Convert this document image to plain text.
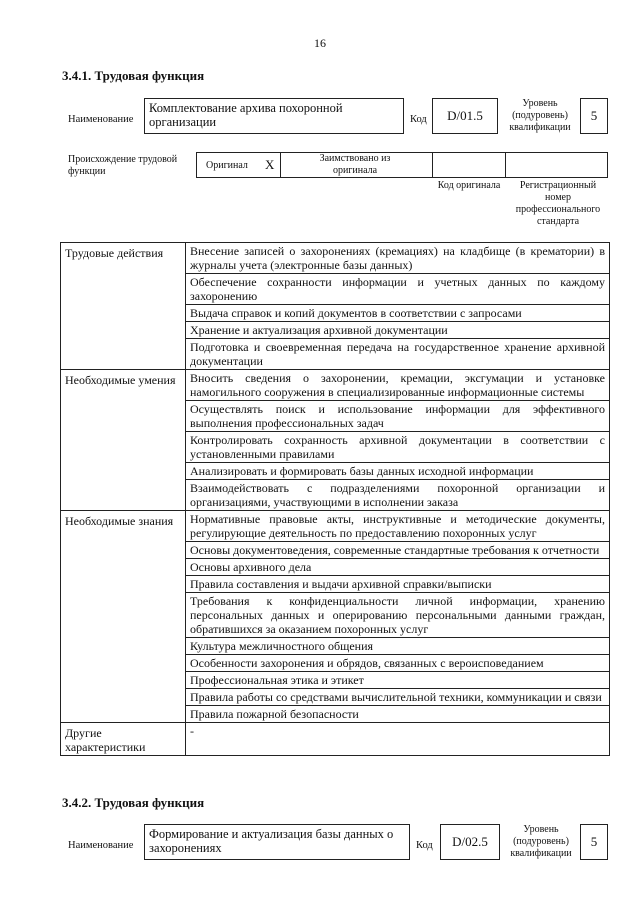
16
3.4.1. Трудовая функция
Наименование
Комплектование архива похоронной организации	Код	D/01.5
Уровень (подуровень) квалификации
5
Происхождение трудовой функции
Оригинал X	Заимствовано из оригинала
Код оригинала	Регистрационный номер профессионального стандарта
Трудовые действия	Внесение записей о захоронениях (кремациях) на кладбище (в крематории) в журналы учета (электронные базы данных)
	Обеспечение сохранности информации и учетных данных по каждому захоронению
	Выдача справок и копий документов в соответствии с запросами
	Хранение и актуализация архивной документации
	Подготовка и своевременная передача на государственное хранение архивной документации
Необходимые умения	Вносить сведения о захоронении, кремации, эксгумации и установке намогильного сооружения в специализированные информационные системы
	Осуществлять поиск и использование информации для эффективного выполнения профессиональных задач
	Контролировать сохранность архивной документации в соответствии с установленными правилами
	Анализировать и формировать базы данных исходной информации
	Взаимодействовать с подразделениями похоронной организации и организациями, участвующими в исполнении заказа
Необходимые знания	Нормативные правовые акты, инструктивные и методические документы, регулирующие деятельность по предоставлению похоронных услуг
	Основы документоведения, современные стандартные требования к отчетности
	Основы архивного дела
	Правила составления и выдачи архивной справки/выписки
	Требования к конфиденциальности личной информации, хранению персональных данных и оперированию персональными данными граждан, обратившихся за оказанием похоронных услуг
	Культура межличностного общения
	Особенности захоронения и обрядов, связанных с вероисповеданием
	Профессиональная этика и этикет
	Правила работы со средствами вычислительной техники, коммуникации и связи
	Правила пожарной безопасности
Другие характеристики	-
3.4.2. Трудовая функция
Наименование
Формирование и актуализация базы данных о захоронениях	Код	D/02.5
Уровень (подуровень) квалификации
5
